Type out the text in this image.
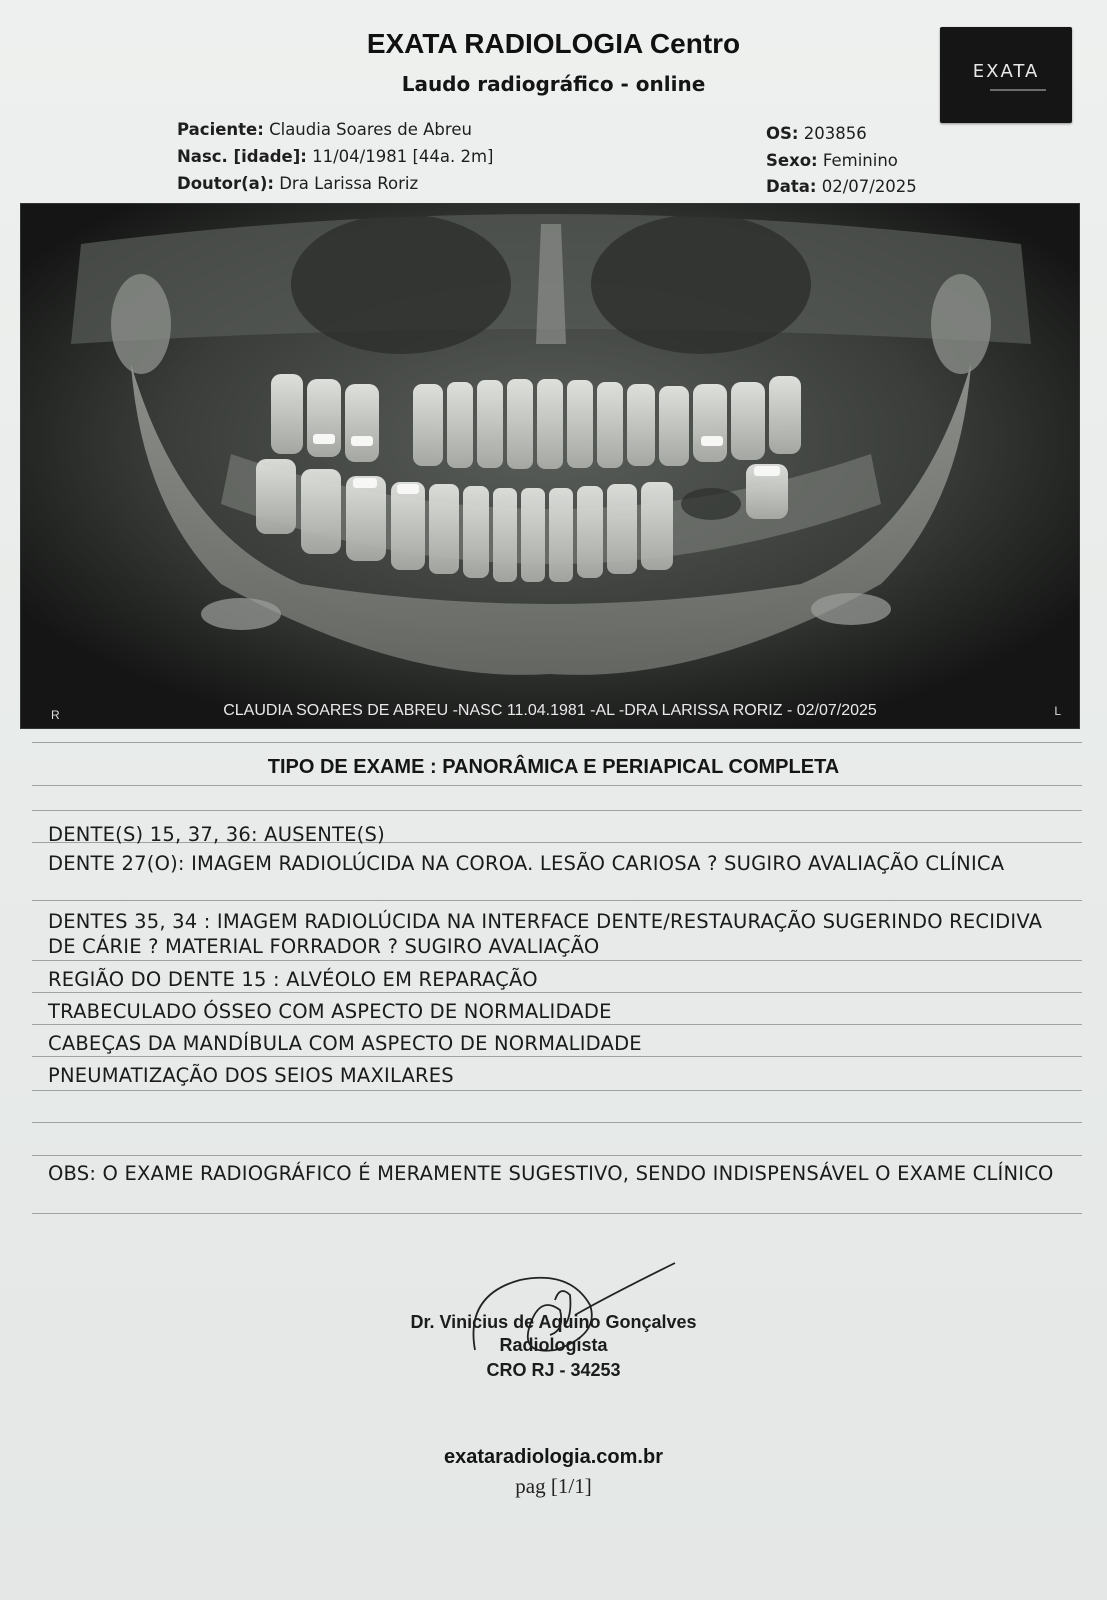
EXATA RADIOLOGIA Centro
Laudo radiográfico - online
EXATA
Paciente: Claudia Soares de Abreu
Nasc. [idade]: 11/04/1981 [44a. 2m]
Doutor(a): Dra Larissa Roriz
OS: 203856
Sexo: Feminino
Data: 02/07/2025
R	CLAUDIA SOARES DE ABREU -NASC 11.04.1981 -AL -DRA LARISSA RORIZ - 02/07/2025	L
TIPO DE EXAME : PANORÂMICA E PERIAPICAL COMPLETA
DENTE(S) 15, 37, 36: AUSENTE(S)
DENTE 27(O): IMAGEM RADIOLÚCIDA NA COROA. LESÃO CARIOSA ? SUGIRO AVALIAÇÃO CLÍNICA
DENTES 35, 34 : IMAGEM RADIOLÚCIDA NA INTERFACE DENTE/RESTAURAÇÃO SUGERINDO RECIDIVA DE CÁRIE ? MATERIAL FORRADOR ? SUGIRO AVALIAÇÃO
REGIÃO DO DENTE 15 : ALVÉOLO EM REPARAÇÃO
TRABECULADO ÓSSEO COM ASPECTO DE NORMALIDADE
CABEÇAS DA MANDÍBULA COM ASPECTO DE NORMALIDADE
PNEUMATIZAÇÃO DOS SEIOS MAXILARES
OBS: O EXAME RADIOGRÁFICO É MERAMENTE SUGESTIVO, SENDO INDISPENSÁVEL O EXAME CLÍNICO
Dr. Vinicius de Aquino Gonçalves
Radiologista
CRO RJ - 34253
exataradiologia.com.br
pag [1/1]
